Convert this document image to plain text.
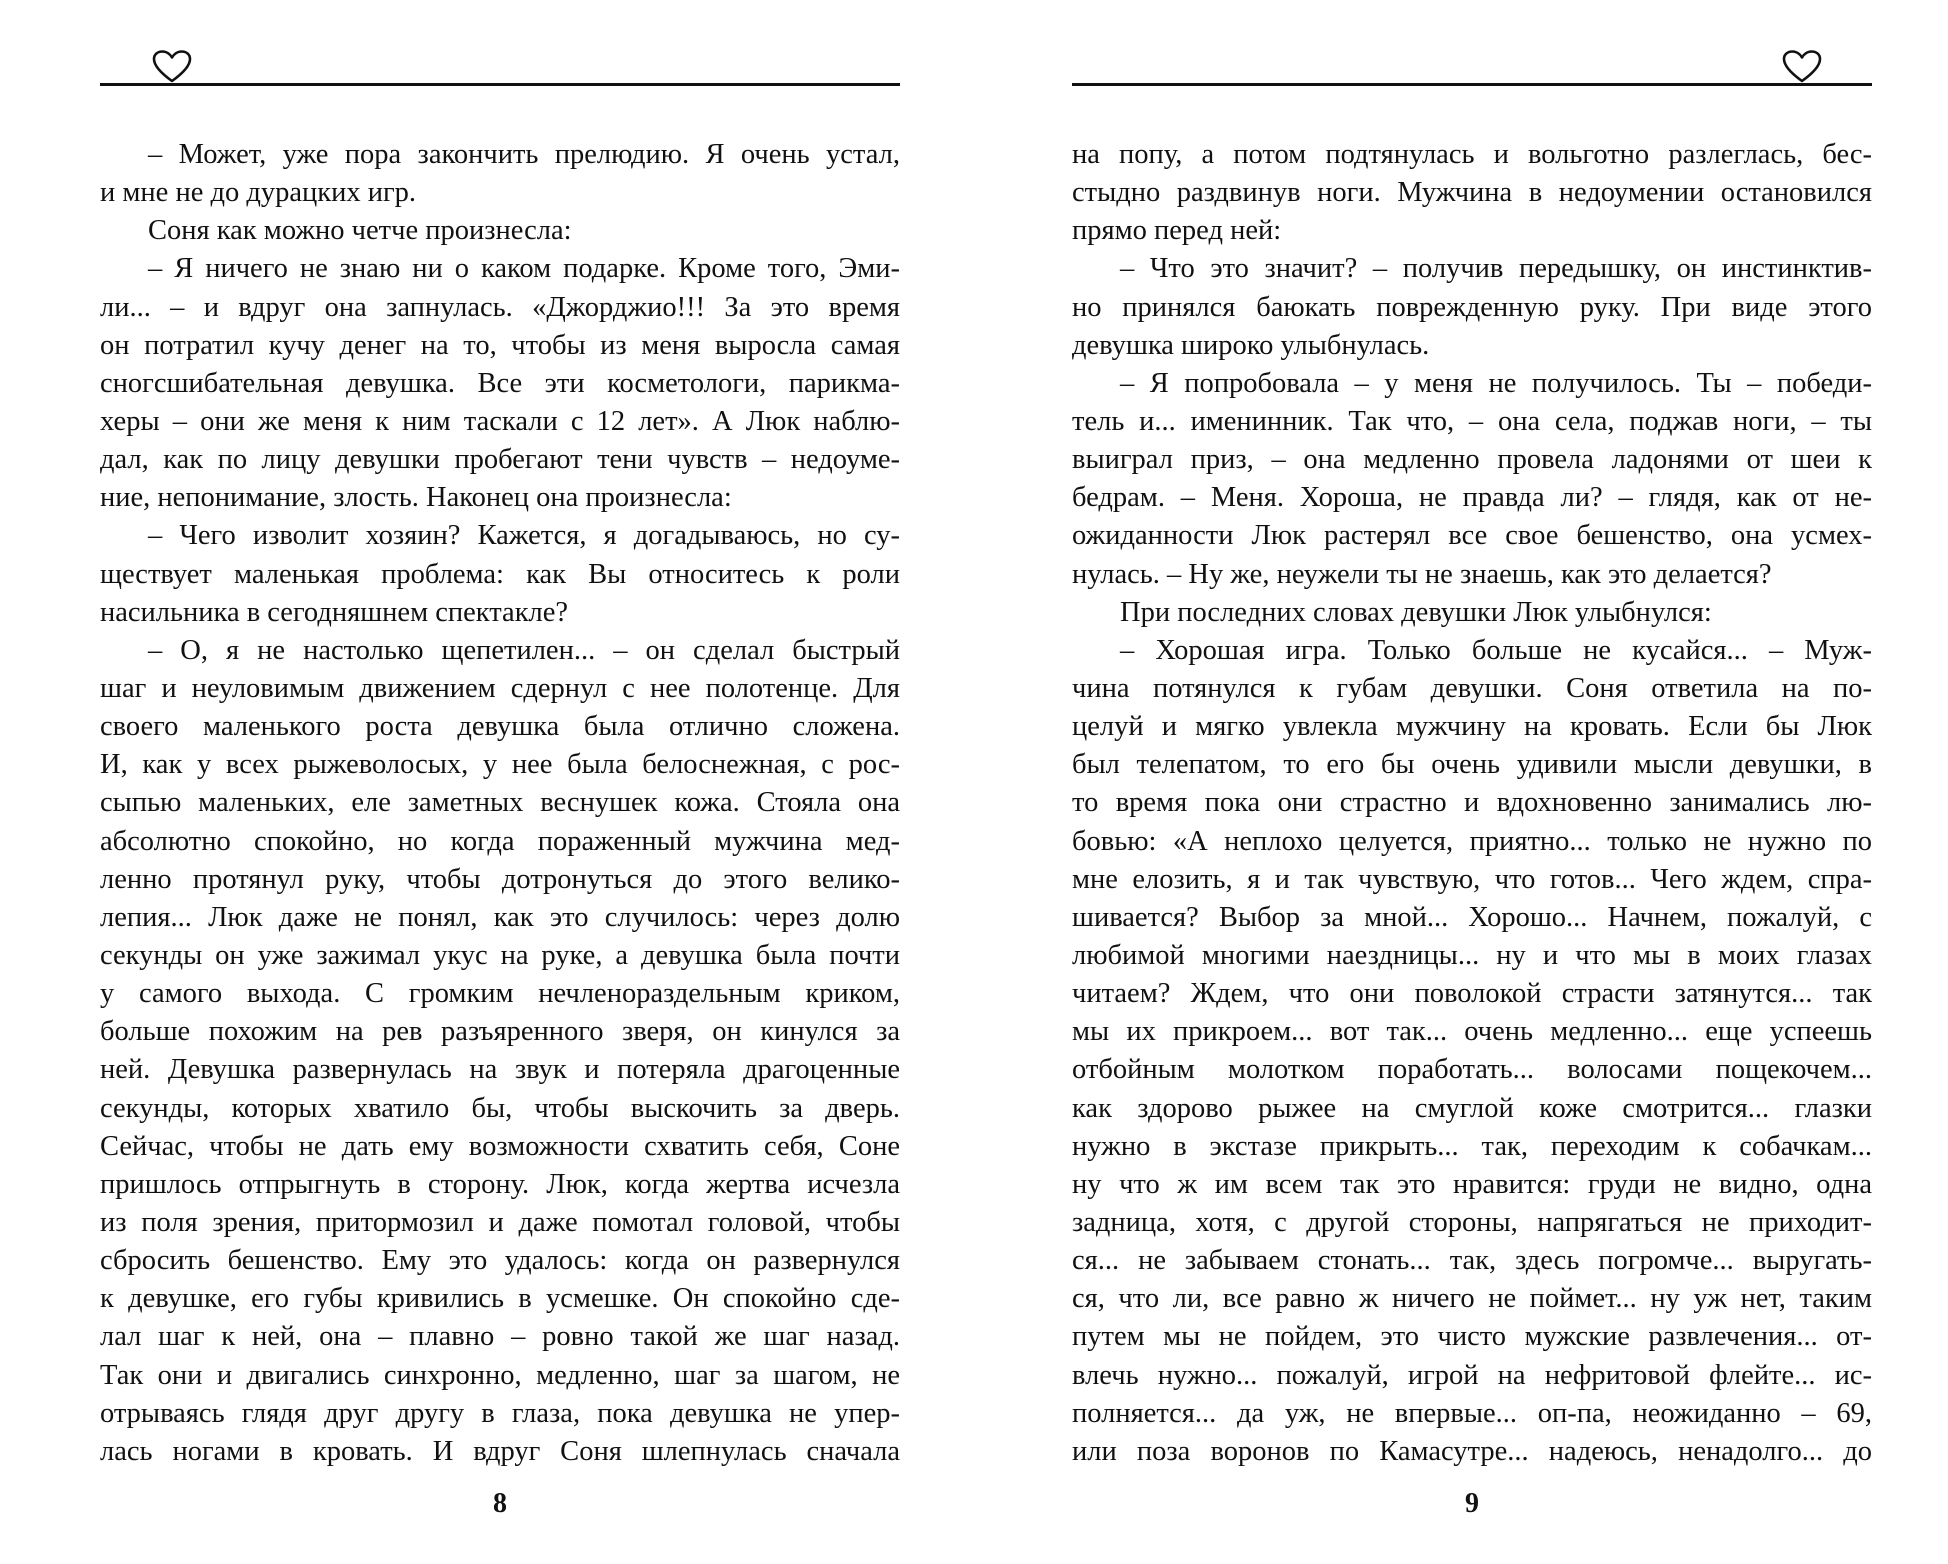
– Может, уже пора закончить прелюдию. Я очень устал,
и мне не до дурацких игр.
Соня как можно четче произнесла:
– Я ничего не знаю ни о каком подарке. Кроме того, Эми-
ли... – и вдруг она запнулась. «Джорджио!!! За это время
он потратил кучу денег на то, чтобы из меня выросла самая
сногсшибательная девушка. Все эти косметологи, парикма-
херы – они же меня к ним таскали с 12 лет». А Люк наблю-
дал, как по лицу девушки пробегают тени чувств – недоуме-
ние, непонимание, злость. Наконец она произнесла:
– Чего изволит хозяин? Кажется, я догадываюсь, но су-
ществует маленькая проблема: как Вы относитесь к роли
насильника в сегодняшнем спектакле?
– О, я не настолько щепетилен... – он сделал быстрый
шаг и неуловимым движением сдернул с нее полотенце. Для
своего маленького роста девушка была отлично сложена.
И, как у всех рыжеволосых, у нее была белоснежная, с рос-
сыпью маленьких, еле заметных веснушек кожа. Стояла она
абсолютно спокойно, но когда пораженный мужчина мед-
ленно протянул руку, чтобы дотронуться до этого велико-
лепия... Люк даже не понял, как это случилось: через долю
секунды он уже зажимал укус на руке, а девушка была почти
у самого выхода. С громким нечленораздельным криком,
больше похожим на рев разъяренного зверя, он кинулся за
ней. Девушка развернулась на звук и потеряла драгоценные
секунды, которых хватило бы, чтобы выскочить за дверь.
Сейчас, чтобы не дать ему возможности схватить себя, Соне
пришлось отпрыгнуть в сторону. Люк, когда жертва исчезла
из поля зрения, притормозил и даже помотал головой, чтобы
сбросить бешенство. Ему это удалось: когда он развернулся
к девушке, его губы кривились в усмешке. Он спокойно сде-
лал шаг к ней, она – плавно – ровно такой же шаг назад.
Так они и двигались синхронно, медленно, шаг за шагом, не
отрываясь глядя друг другу в глаза, пока девушка не упер-
лась ногами в кровать. И вдруг Соня шлепнулась сначала
8
на попу, а потом подтянулась и вольготно разлеглась, бес-
стыдно раздвинув ноги. Мужчина в недоумении остановился
прямо перед ней:
– Что это значит? – получив передышку, он инстинктив-
но принялся баюкать поврежденную руку. При виде этого
девушка широко улыбнулась.
– Я попробовала – у меня не получилось. Ты – победи-
тель и... именинник. Так что, – она села, поджав ноги, – ты
выиграл приз, – она медленно провела ладонями от шеи к
бедрам. – Меня. Хороша, не правда ли? – глядя, как от не-
ожиданности Люк растерял все свое бешенство, она усмех-
нулась. – Ну же, неужели ты не знаешь, как это делается?
При последних словах девушки Люк улыбнулся:
– Хорошая игра. Только больше не кусайся... – Муж-
чина потянулся к губам девушки. Соня ответила на по-
целуй и мягко увлекла мужчину на кровать. Если бы Люк
был телепатом, то его бы очень удивили мысли девушки, в
то время пока они страстно и вдохновенно занимались лю-
бовью: «А неплохо целуется, приятно... только не нужно по
мне елозить, я и так чувствую, что готов... Чего ждем, спра-
шивается? Выбор за мной... Хорошо... Начнем, пожалуй, с
любимой многими наездницы... ну и что мы в моих глазах
читаем? Ждем, что они поволокой страсти затянутся... так
мы их прикроем... вот так... очень медленно... еще успеешь
отбойным молотком поработать... волосами пощекочем...
как здорово рыжее на смуглой коже смотрится... глазки
нужно в экстазе прикрыть... так, переходим к собачкам...
ну что ж им всем так это нравится: груди не видно, одна
задница, хотя, с другой стороны, напрягаться не приходит-
ся... не забываем стонать... так, здесь погромче... выругать-
ся, что ли, все равно ж ничего не поймет... ну уж нет, таким
путем мы не пойдем, это чисто мужские развлечения... от-
влечь нужно... пожалуй, игрой на нефритовой флейте... ис-
полняется... да уж, не впервые... оп-па, неожиданно – 69,
или поза воронов по Камасутре... надеюсь, ненадолго... до
9
